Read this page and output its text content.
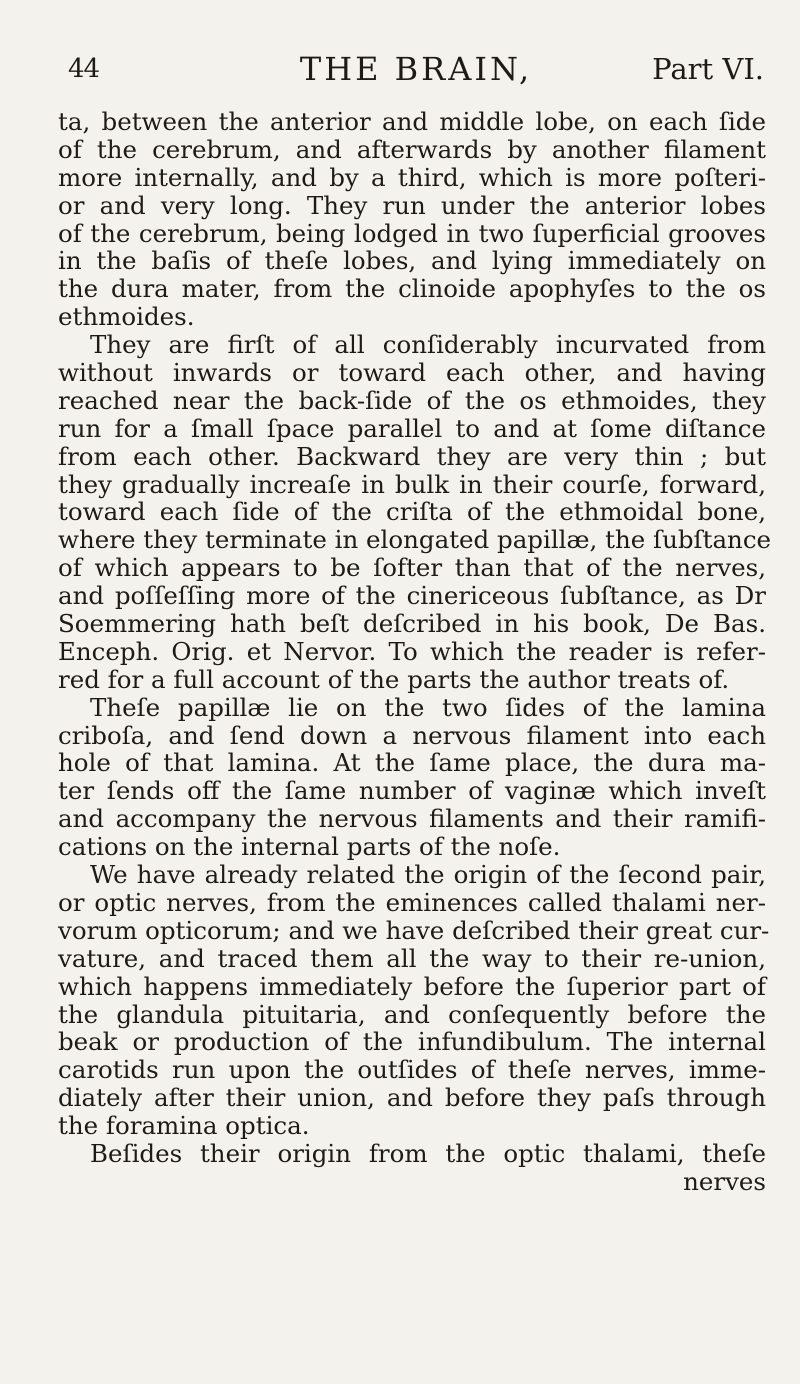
44	THE BRAIN,	Part VI.
ta, between the anterior and middle lobe, on each ſide
of the cerebrum, and afterwards by another filament
more internally, and by a third, which is more poſteri-
or and very long. They run under the anterior lobes
of the cerebrum, being lodged in two ſuperficial grooves
in the baſis of theſe lobes, and lying immediately on
the dura mater, from the clinoide apophyſes to the os
ethmoides.
They are firſt of all conſiderably incurvated from
without inwards or toward each other, and having
reached near the back-ſide of the os ethmoides, they
run for a ſmall ſpace parallel to and at ſome diſtance
from each other. Backward they are very thin ; but
they gradually increaſe in bulk in their courſe, forward,
toward each ſide of the criſta of the ethmoidal bone,
where they terminate in elongated papillæ, the ſubſtance
of which appears to be ſofter than that of the nerves,
and poſſeſſing more of the cinericeous ſubſtance, as Dr
Soemmering hath beſt deſcribed in his book, De Bas.
Enceph. Orig. et Nervor. To which the reader is refer-
red for a full account of the parts the author treats of.
Theſe papillæ lie on the two ſides of the lamina
criboſa, and ſend down a nervous filament into each
hole of that lamina. At the ſame place, the dura ma-
ter ſends off the ſame number of vaginæ which inveſt
and accompany the nervous filaments and their ramifi-
cations on the internal parts of the noſe.
We have already related the origin of the ſecond pair,
or optic nerves, from the eminences called thalami ner-
vorum opticorum; and we have deſcribed their great cur-
vature, and traced them all the way to their re-union,
which happens immediately before the ſuperior part of
the glandula pituitaria, and conſequently before the
beak or production of the infundibulum. The internal
carotids run upon the outſides of theſe nerves, imme-
diately after their union, and before they paſs through
the foramina optica.
Beſides their origin from the optic thalami, theſe
nerves
